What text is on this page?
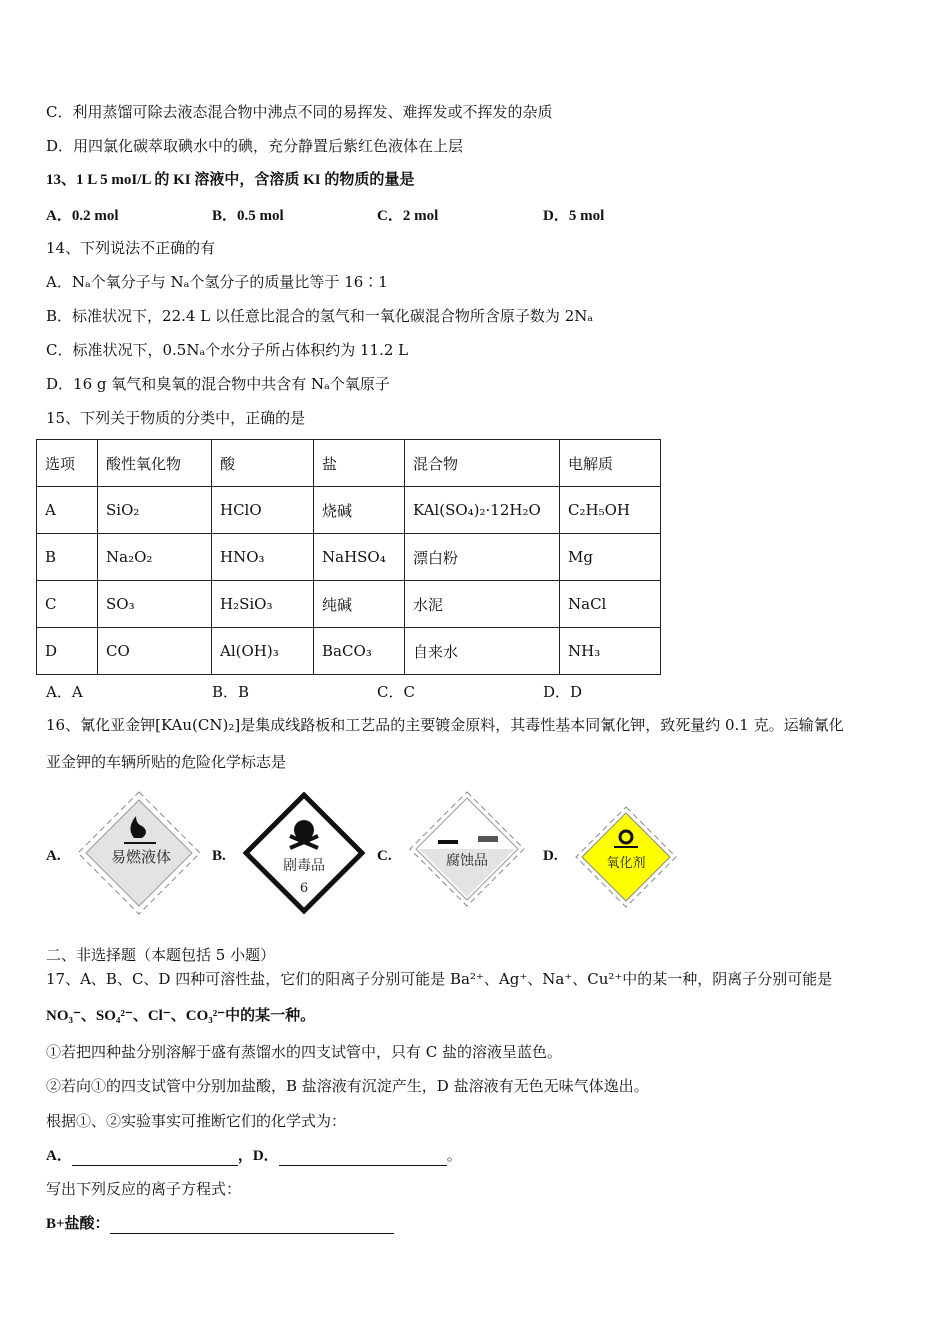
C．利用蒸馏可除去液态混合物中沸点不同的易挥发、难挥发或不挥发的杂质
D．用四氯化碳萃取碘水中的碘，充分静置后紫红色液体在上层
13、1 L 5 moI/L 的 KI 溶液中，含溶质 KI 的物质的量是
A．0.2 mol	B．0.5 mol	C．2 mol	D．5 mol
14、下列说法不正确的有
A．Nₐ个氧分子与 Nₐ个氢分子的质量比等于 16∶1
B．标准状况下，22.4 L 以任意比混合的氢气和一氧化碳混合物所含原子数为 2Nₐ
C．标准状况下，0.5Nₐ个水分子所占体积约为 11.2 L
D．16 g 氧气和臭氧的混合物中共含有 Nₐ个氧原子
15、下列关于物质的分类中，正确的是
选项	酸性氧化物	酸	盐	混合物	电解质
A	SiO₂	HClO	烧碱	KAl(SO₄)₂·12H₂O	C₂H₅OH
B	Na₂O₂	HNO₃	NaHSO₄	漂白粉	Mg
C	SO₃	H₂SiO₃	纯碱	水泥	NaCl
D	CO	Al(OH)₃	BaCO₃	自来水	NH₃
A．A	B．B	C．C	D．D
16、氰化亚金钾[KAu(CN)₂]是集成线路板和工艺品的主要镀金原料，其毒性基本同氰化钾，致死量约 0.1 克。运输氰化
亚金钾的车辆所贴的危险化学标志是
A.	B.	C.	D.
易燃液体	剧毒品
6
腐蚀品	氧化剂
二、非选择题（本题包括 5 小题）
17、A、B、C、D 四种可溶性盐，它们的阳离子分别可能是 Ba²⁺、Ag⁺、Na⁺、Cu²⁺中的某一种，阴离子分别可能是
NO₃⁻、SO₄²⁻、Cl⁻、CO₃²⁻中的某一种。
①若把四种盐分别溶解于盛有蒸馏水的四支试管中，只有 C 盐的溶液呈蓝色。
②若向①的四支试管中分别加盐酸，B 盐溶液有沉淀产生，D 盐溶液有无色无味气体逸出。
根据①、②实验事实可推断它们的化学式为：
A．	，D．	。
写出下列反应的离子方程式：
B+盐酸：
